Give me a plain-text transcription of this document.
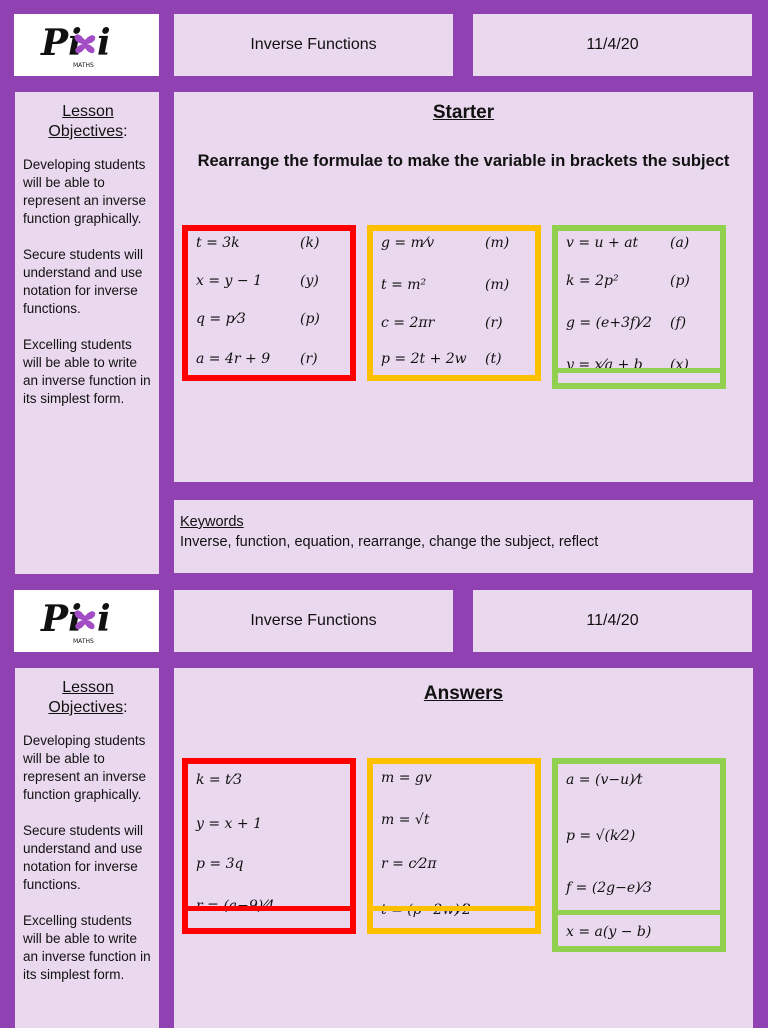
Pi i
MATHS
Inverse Functions	11/4/20
Lesson
Objectives:

Developing students will be able to represent an inverse function graphically.

Secure students will understand and use notation for inverse functions.

Excelling students will be able to write an inverse function in its simplest form.

Starter
Rearrange the formulae to make the variable in brackets the subject
t = 3k	(k)
x = y − 1	(y)
q = p⁄3	(p)
a = 4r + 9 (r)
g = m⁄v	(m)
t = m²	(m)
c = 2πr	(r)
p = 2t + 2w (t)
v = u + at (a)
k = 2p²	(p)
g = (e+3f)⁄2 (f)
y = x⁄a + b (x)
Keywords
Inverse, function, equation, rearrange, change the subject, reflect
Pi i
MATHS
Inverse Functions	11/4/20
Lesson
Objectives:

Developing students will be able to represent an inverse function graphically.

Secure students will understand and use notation for inverse functions.

Excelling students will be able to write an inverse function in its simplest form.

Answers
k = t⁄3
y = x + 1
p = 3q
r = (a−9)⁄4
m = gv
m = √t
r = c⁄2π
t = (p−2w)⁄2
a = (v−u)⁄t
p = √(k⁄2)
f = (2g−e)⁄3
x = a(y − b)
